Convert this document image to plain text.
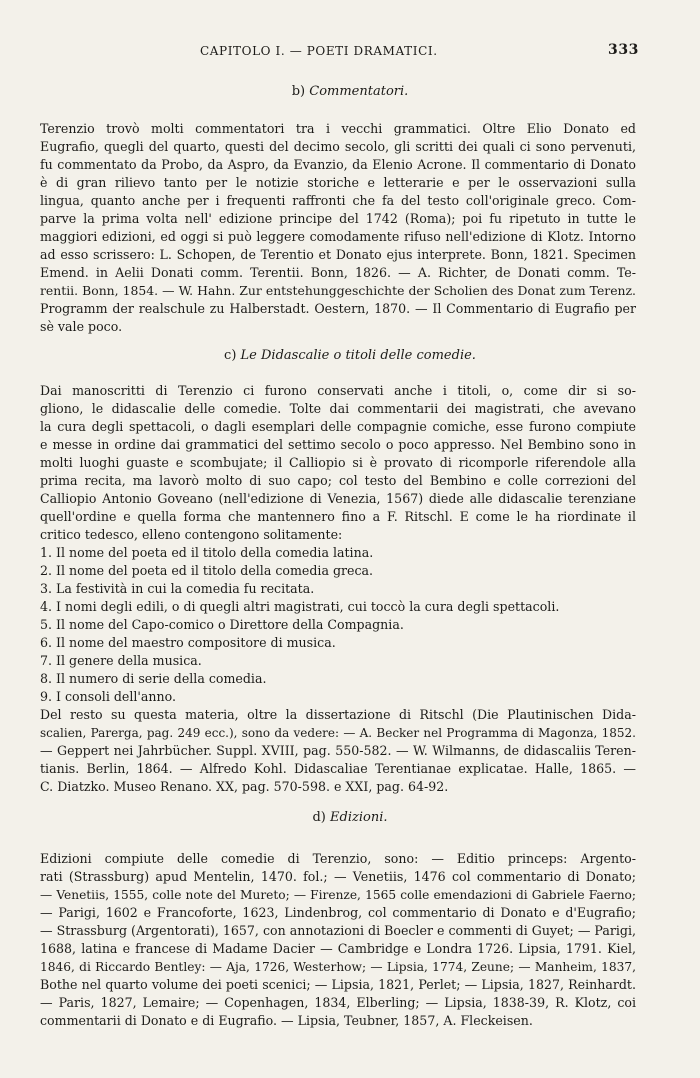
CAPITOLO I. — POETI DRAMATICI.	333
b) Commentatori.
Terenzio trovò molti commentatori tra i vecchi grammatici. Oltre Elio Donato ed
Eugrafio, quegli del quarto, questi del decimo secolo, gli scritti dei quali ci sono pervenuti,
fu commentato da Probo, da Aspro, da Evanzio, da Elenio Acrone. Il commentario di Donato
è di gran rilievo tanto per le notizie storiche e letterarie e per le osservazioni sulla
lingua, quanto anche per i frequenti raffronti che fa del testo coll'originale greco. Com-
parve la prima volta nell' edizione principe del 1742 (Roma); poi fu ripetuto in tutte le
maggiori edizioni, ed oggi si può leggere comodamente rifuso nell'edizione di Klotz. Intorno
ad esso scrissero: L. Schopen, de Terentio et Donato ejus interprete. Bonn, 1821. Specimen
Emend. in Aelii Donati comm. Terentii. Bonn, 1826. — A. Richter, de Donati comm. Te-
rentii. Bonn, 1854. — W. Hahn. Zur entstehunggeschichte der Scholien des Donat zum Terenz.
Programm der realschule zu Halberstadt. Oestern, 1870. — Il Commentario di Eugrafio per
sè vale poco.
c) Le Didascalie o titoli delle comedie.
Dai manoscritti di Terenzio ci furono conservati anche i titoli, o, come dir si so-
gliono, le didascalie delle comedie. Tolte dai commentarii dei magistrati, che avevano
la cura degli spettacoli, o dagli esemplari delle compagnie comiche, esse furono compiute
e messe in ordine dai grammatici del settimo secolo o poco appresso. Nel Bembino sono in
molti luoghi guaste e scombujate; il Calliopio si è provato di ricomporle riferendole alla
prima recita, ma lavorò molto di suo capo; col testo del Bembino e colle correzioni del
Calliopio Antonio Goveano (nell'edizione di Venezia, 1567) diede alle didascalie terenziane
quell'ordine e quella forma che mantennero fino a F. Ritschl. E come le ha riordinate il
critico tedesco, elleno contengono solitamente:
1. Il nome del poeta ed il titolo della comedia latina.
2. Il nome del poeta ed il titolo della comedia greca.
3. La festività in cui la comedia fu recitata.
4. I nomi degli edili, o di quegli altri magistrati, cui toccò la cura degli spettacoli.
5. Il nome del Capo-comico o Direttore della Compagnia.
6. Il nome del maestro compositore di musica.
7. Il genere della musica.
8. Il numero di serie della comedia.
9. I consoli dell'anno.
Del resto su questa materia, oltre la dissertazione di Ritschl (Die Plautinischen Dida-
scalien, Parerga, pag. 249 ecc.), sono da vedere: — A. Becker nel Programma di Magonza, 1852.
— Geppert nei Jahrbücher. Suppl. XVIII, pag. 550-582. — W. Wilmanns, de didascaliis Teren-
tianis. Berlin, 1864. — Alfredo Kohl. Didascaliae Terentianae explicatae. Halle, 1865. —
C. Diatzko. Museo Renano. XX, pag. 570-598. e XXI, pag. 64-92.
d) Edizioni.
Edizioni compiute delle comedie di Terenzio, sono: — Editio princeps: Argento-
rati (Strassburg) apud Mentelin, 1470. fol.; — Venetiis, 1476 col commentario di Donato;
— Venetiis, 1555, colle note del Mureto; — Firenze, 1565 colle emendazioni di Gabriele Faerno;
— Parigi, 1602 e Francoforte, 1623, Lindenbrog, col commentario di Donato e d'Eugrafio;
— Strassburg (Argentorati), 1657, con annotazioni di Boecler e commenti di Guyet; — Parigi,
1688, latina e francese di Madame Dacier — Cambridge e Londra 1726. Lipsia, 1791. Kiel,
1846, di Riccardo Bentley: — Aja, 1726, Westerhow; — Lipsia, 1774, Zeune; — Manheim, 1837,
Bothe nel quarto volume dei poeti scenici; — Lipsia, 1821, Perlet; — Lipsia, 1827, Reinhardt.
— Paris, 1827, Lemaire; — Copenhagen, 1834, Elberling; — Lipsia, 1838-39, R. Klotz, coi
commentarii di Donato e di Eugrafio. — Lipsia, Teubner, 1857, A. Fleckeisen.
